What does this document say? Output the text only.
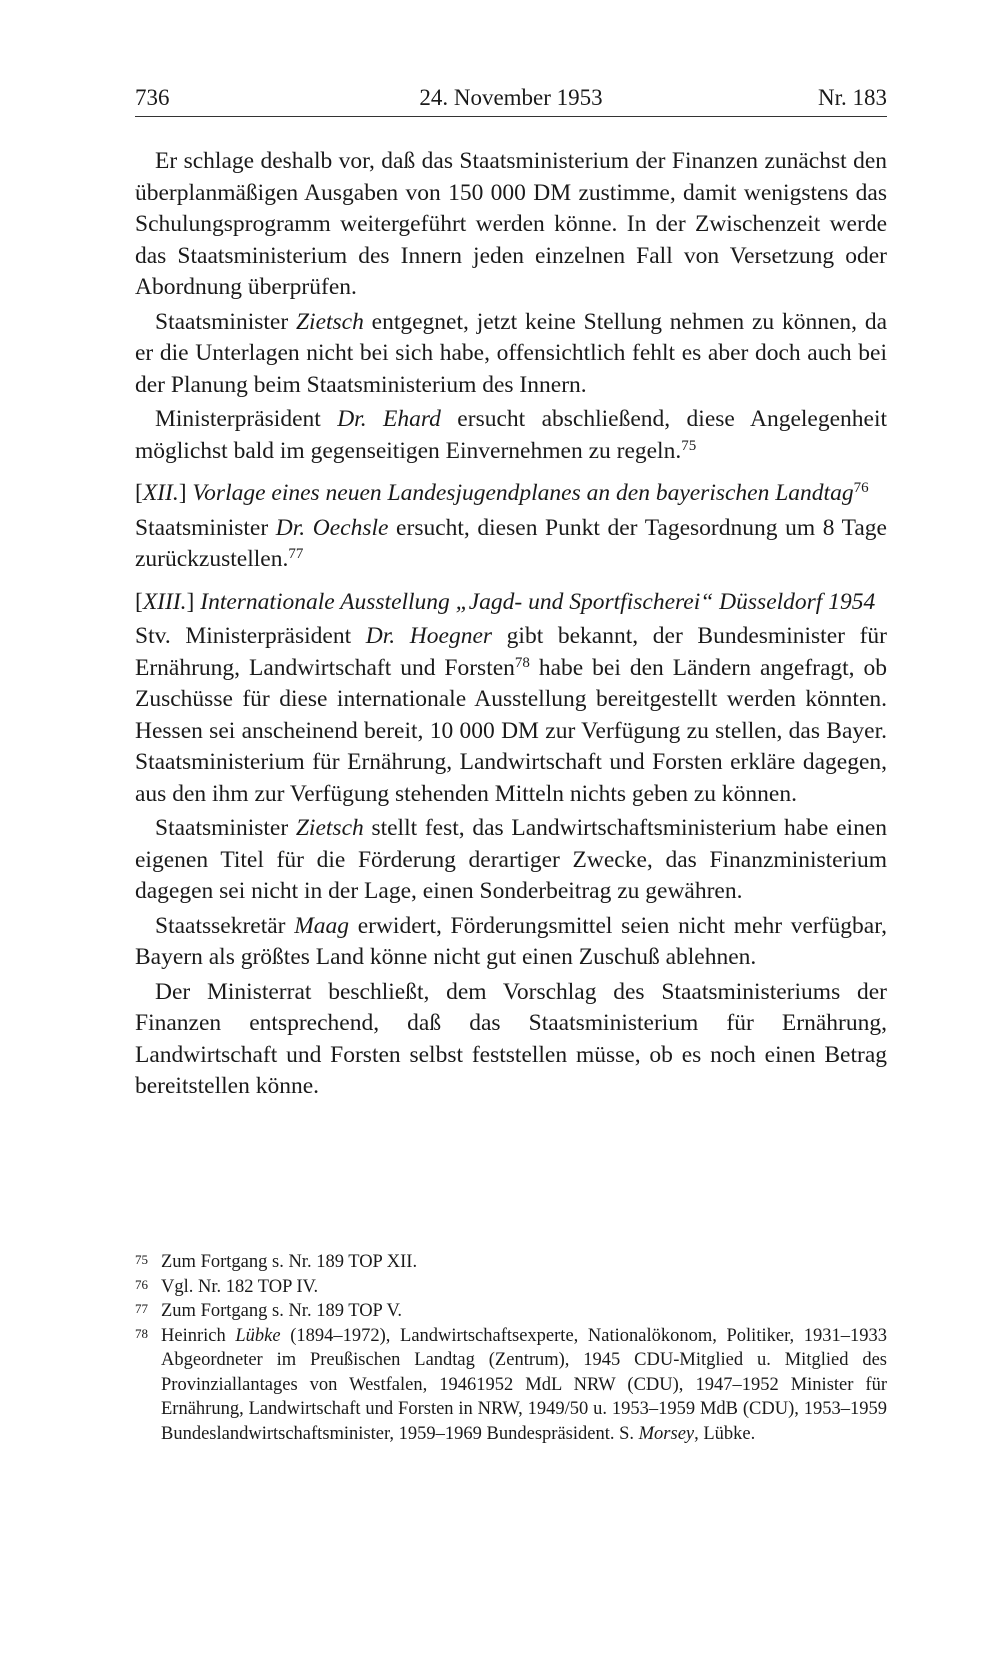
24. November 1953
736	Nr. 183

Er schlage deshalb vor, daß das Staatsministerium der Finanzen zunächst den überplanmäßigen Ausgaben von 150 000 DM zustimme, damit wenigstens das Schulungsprogramm weitergeführt werden könne. In der Zwischenzeit werde das Staatsministerium des Innern jeden einzelnen Fall von Versetzung oder Abordnung überprüfen.

Staatsminister Zietsch entgegnet, jetzt keine Stellung nehmen zu können, da er die Unterlagen nicht bei sich habe, offensichtlich fehlt es aber doch auch bei der Planung beim Staatsministerium des Innern.

Ministerpräsident Dr. Ehard ersucht abschließend, diese Angelegenheit möglichst bald im gegenseitigen Einvernehmen zu regeln.$^{75}$

[XII.] Vorlage eines neuen Landesjugendplanes an den bayerischen Landtag$^{76}$

Staatsminister Dr. Oechsle ersucht, diesen Punkt der Tagesordnung um 8 Tage zurückzustellen.$^{77}$

[XIII.] Internationale Ausstellung „Jagd- und Sportfischerei“ Düsseldorf 1954

Stv. Ministerpräsident Dr. Hoegner gibt bekannt, der Bundesminister für Ernährung, Landwirtschaft und Forsten$^{78}$ habe bei den Ländern angefragt, ob Zuschüsse für diese internationale Ausstellung bereitgestellt werden könnten. Hessen sei anscheinend bereit, 10 000 DM zur Verfügung zu stellen, das Bayer. Staatsministerium für Ernährung, Landwirtschaft und Forsten erkläre dagegen, aus den ihm zur Verfügung stehenden Mitteln nichts geben zu können.

Staatsminister Zietsch stellt fest, das Landwirtschaftsministerium habe einen eigenen Titel für die Förderung derartiger Zwecke, das Finanzministerium dagegen sei nicht in der Lage, einen Sonderbeitrag zu gewähren.

Staatssekretär Maag erwidert, Förderungsmittel seien nicht mehr verfügbar, Bayern als größtes Land könne nicht gut einen Zuschuß ablehnen.

Der Ministerrat beschließt, dem Vorschlag des Staatsministeriums der Finanzen entsprechend, daß das Staatsministerium für Ernährung, Landwirtschaft und Forsten selbst feststellen müsse, ob es noch einen Betrag bereitstellen könne.

75 Zum Fortgang s. Nr. 189 TOP XII.
76 Vgl. Nr. 182 TOP IV.
77 Zum Fortgang s. Nr. 189 TOP V.
78 Heinrich Lübke (1894–1972), Landwirtschaftsexperte, Nationalökonom, Politiker, 1931–1933 Abgeordneter im Preußischen Landtag (Zentrum), 1945 CDU-Mitglied u. Mitglied des Provinziallantages von Westfalen, 19461952 MdL NRW (CDU), 1947–1952 Minister für Ernährung, Landwirtschaft und Forsten in NRW, 1949/50 u. 1953–1959 MdB (CDU), 1953–1959 Bundeslandwirtschaftsminister, 1959–1969 Bundespräsident. S. Morsey, Lübke.
